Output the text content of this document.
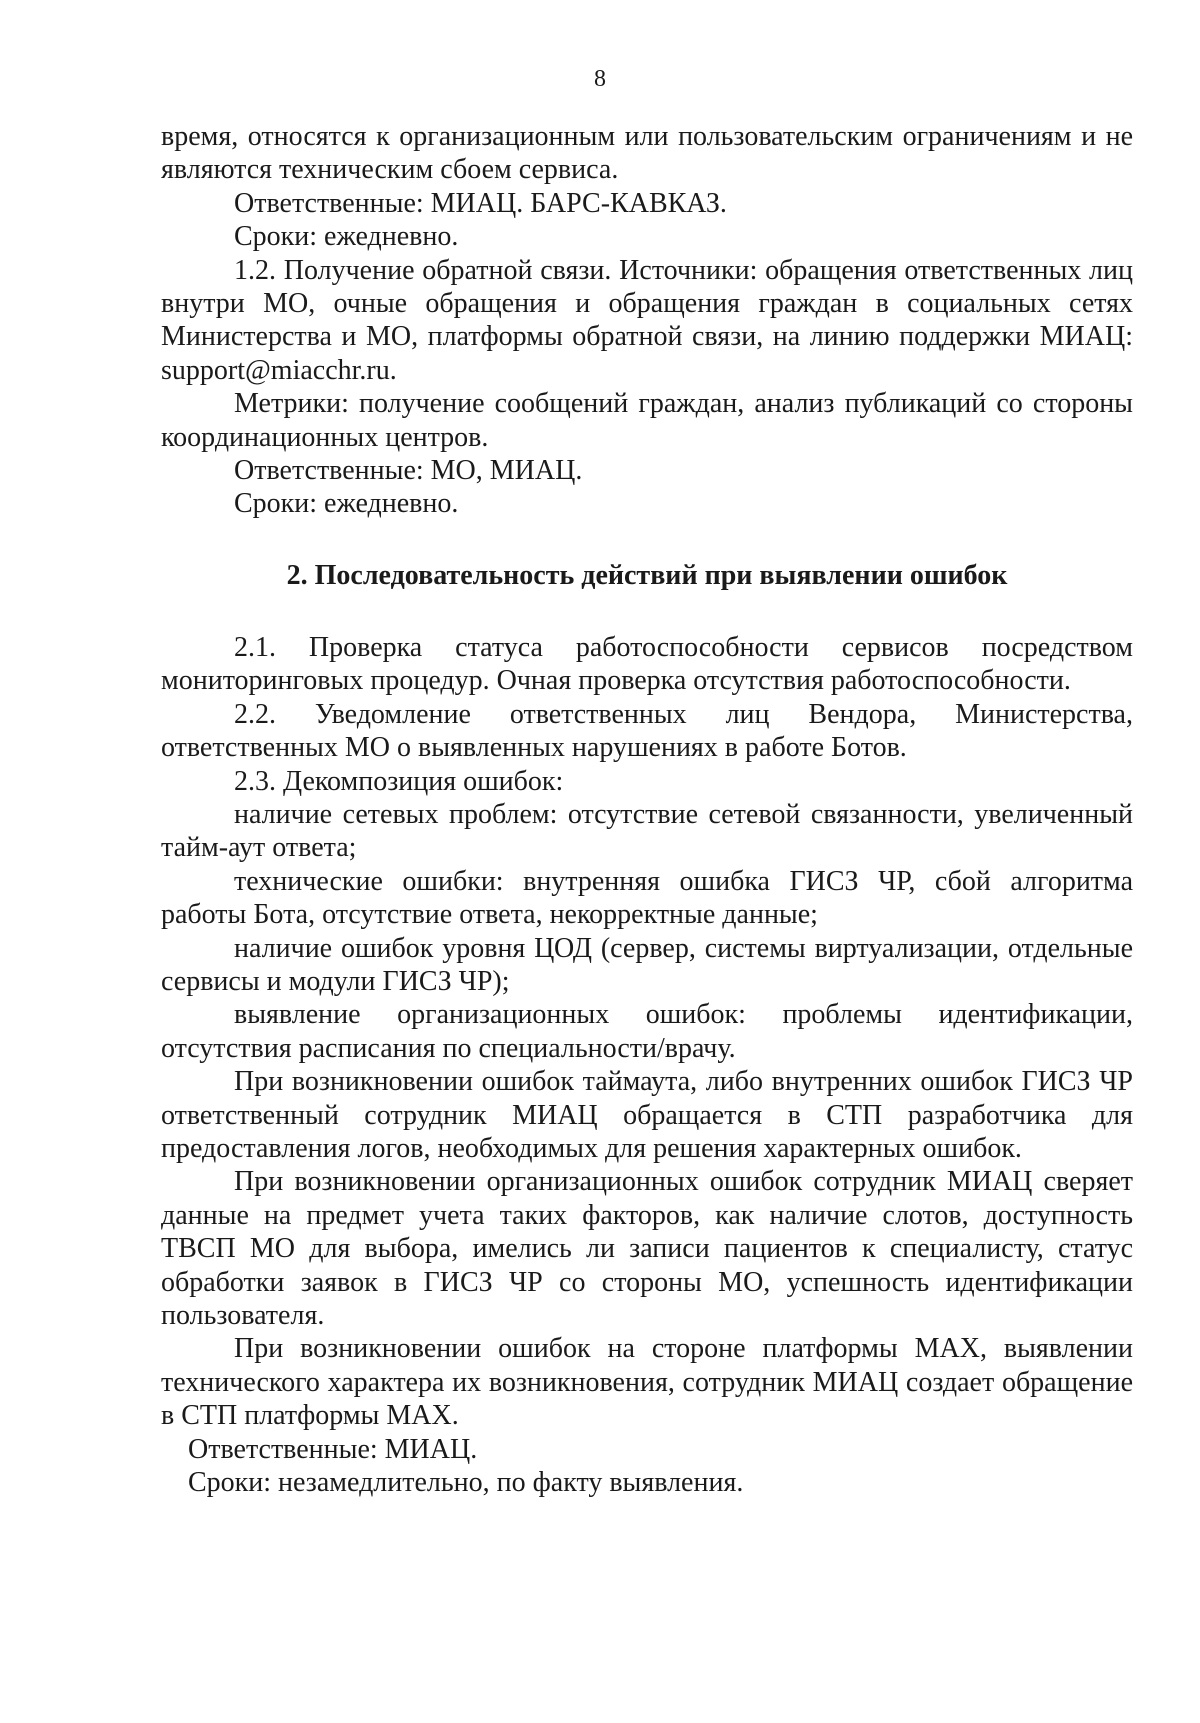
8

время, относятся к организационным или пользовательским ограничениям и не являются техническим сбоем сервиса.

Ответственные: МИАЦ. БАРС-КАВКАЗ.

Сроки: ежедневно.

1.2. Получение обратной связи. Источники: обращения ответственных лиц внутри МО, очные обращения и обращения граждан в социальных сетях Министерства и МО, платформы обратной связи, на линию поддержки МИАЦ: support@miacchr.ru.

Метрики: получение сообщений граждан, анализ публикаций со стороны координационных центров.

Ответственные: МО, МИАЦ.

Сроки: ежедневно.

2. Последовательность действий при выявлении ошибок

2.1. Проверка статуса работоспособности сервисов посредством мониторинговых процедур. Очная проверка отсутствия работоспособности.

2.2. Уведомление ответственных лиц Вендора, Министерства, ответственных МО о выявленных нарушениях в работе Ботов.

2.3. Декомпозиция ошибок:

наличие сетевых проблем: отсутствие сетевой связанности, увеличенный тайм-аут ответа;

технические ошибки: внутренняя ошибка ГИСЗ ЧР, сбой алгоритма работы Бота, отсутствие ответа, некорректные данные;

наличие ошибок уровня ЦОД (сервер, системы виртуализации, отдельные сервисы и модули ГИСЗ ЧР);

выявление организационных ошибок: проблемы идентификации, отсутствия расписания по специальности/врачу.

При возникновении ошибок таймаута, либо внутренних ошибок ГИСЗ ЧР ответственный сотрудник МИАЦ обращается в СТП разработчика для предоставления логов, необходимых для решения характерных ошибок.

При возникновении организационных ошибок сотрудник МИАЦ сверяет данные на предмет учета таких факторов, как наличие слотов, доступность ТВСП МО для выбора, имелись ли записи пациентов к специалисту, статус обработки заявок в ГИСЗ ЧР со стороны МО, успешность идентификации пользователя.

При возникновении ошибок на стороне платформы MAX, выявлении технического характера их возникновения, сотрудник МИАЦ создает обращение в СТП платформы MAX.

Ответственные: МИАЦ.

Сроки: незамедлительно, по факту выявления.
